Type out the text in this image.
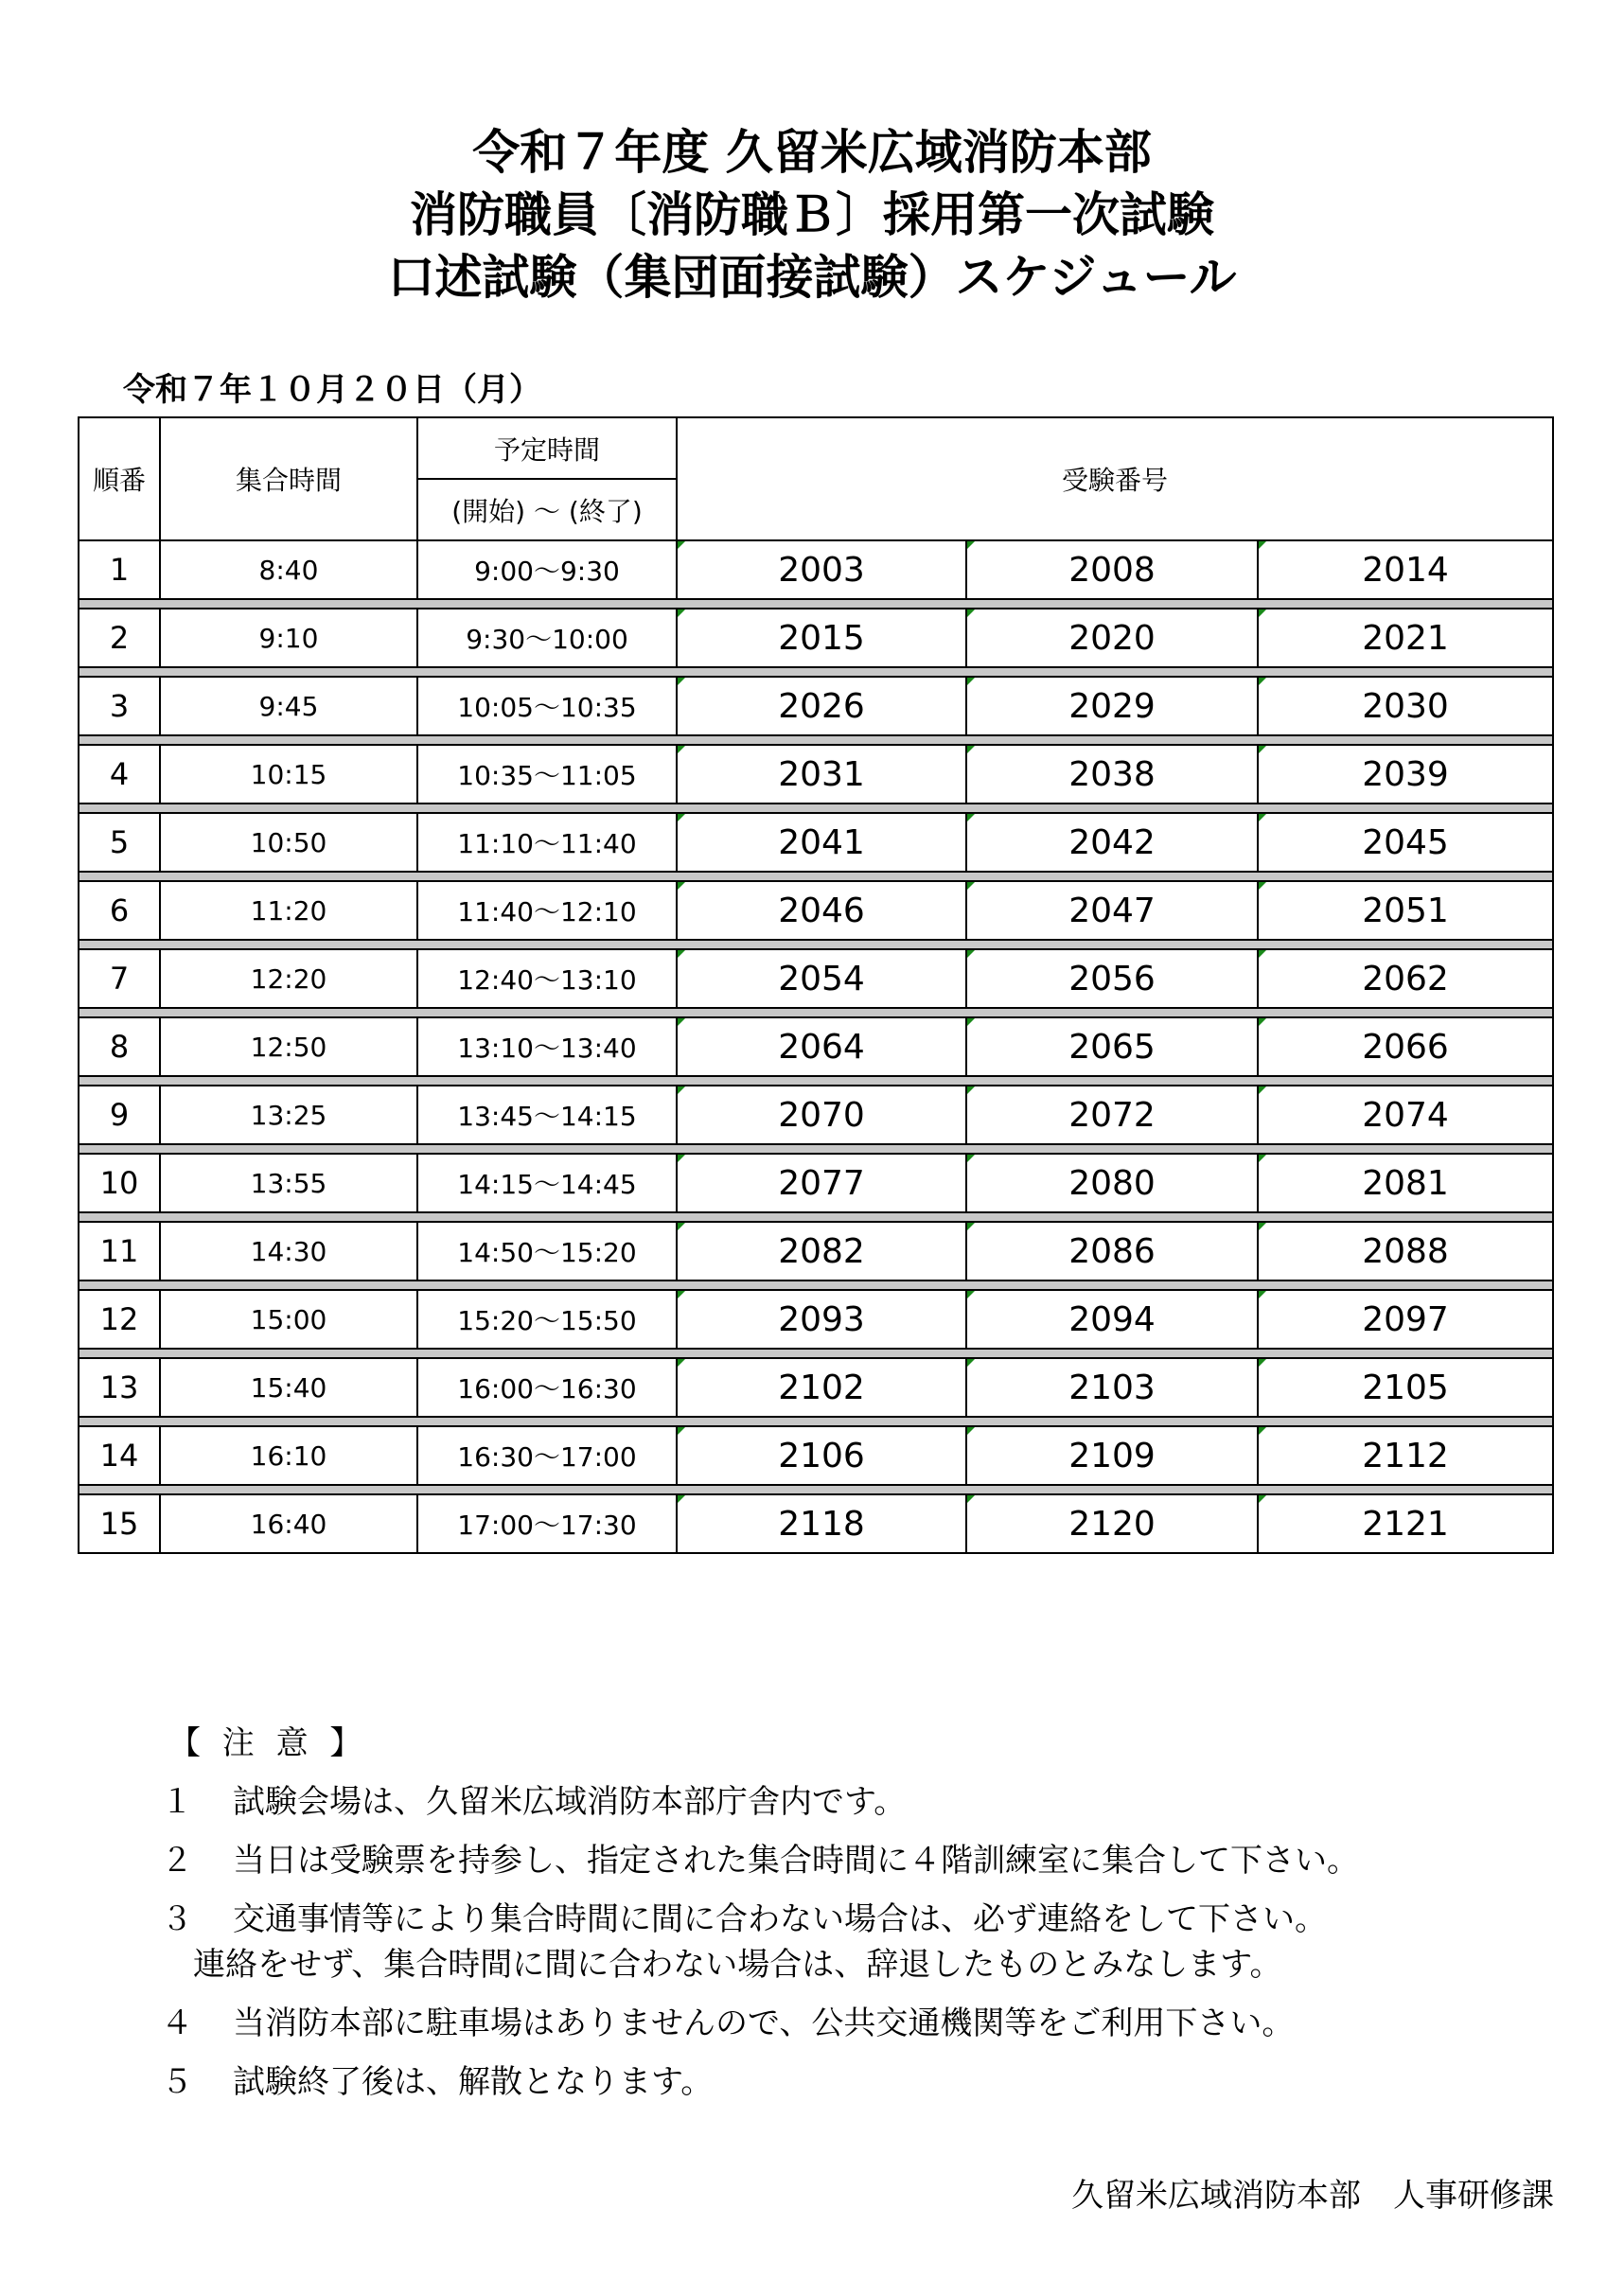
令和７年度 久留米広域消防本部
消防職員〔消防職Ｂ〕採用第一次試験
口述試験（集団面接試験）スケジュール
令和７年１０月２０日（月）
順番	集合時間	予定時間	受験番号		
		(開始) ～ (終了)			
1	8:40	9:00～9:30	2003	2008	2014

2	9:10	9:30～10:00	2015	2020	2021

3	9:45	10:05～10:35	2026	2029	2030

4	10:15	10:35～11:05	2031	2038	2039

5	10:50	11:10～11:40	2041	2042	2045

6	11:20	11:40～12:10	2046	2047	2051

7	12:20	12:40～13:10	2054	2056	2062

8	12:50	13:10～13:40	2064	2065	2066

9	13:25	13:45～14:15	2070	2072	2074

10	13:55	14:15～14:45	2077	2080	2081

11	14:30	14:50～15:20	2082	2086	2088

12	15:00	15:20～15:50	2093	2094	2097

13	15:40	16:00～16:30	2102	2103	2105

14	16:10	16:30～17:00	2106	2109	2112

15	16:40	17:00～17:30	2118	2120	2121
【 注 意 】
１ 試験会場は、久留米広域消防本部庁舎内です。
２ 当日は受験票を持参し、指定された集合時間に４階訓練室に集合して下さい。
３ 交通事情等により集合時間に間に合わない場合は、必ず連絡をして下さい。
連絡をせず、集合時間に間に合わない場合は、辞退したものとみなします。
４ 当消防本部に駐車場はありませんので、公共交通機関等をご利用下さい。
５ 試験終了後は、解散となります。
久留米広域消防本部　人事研修課
